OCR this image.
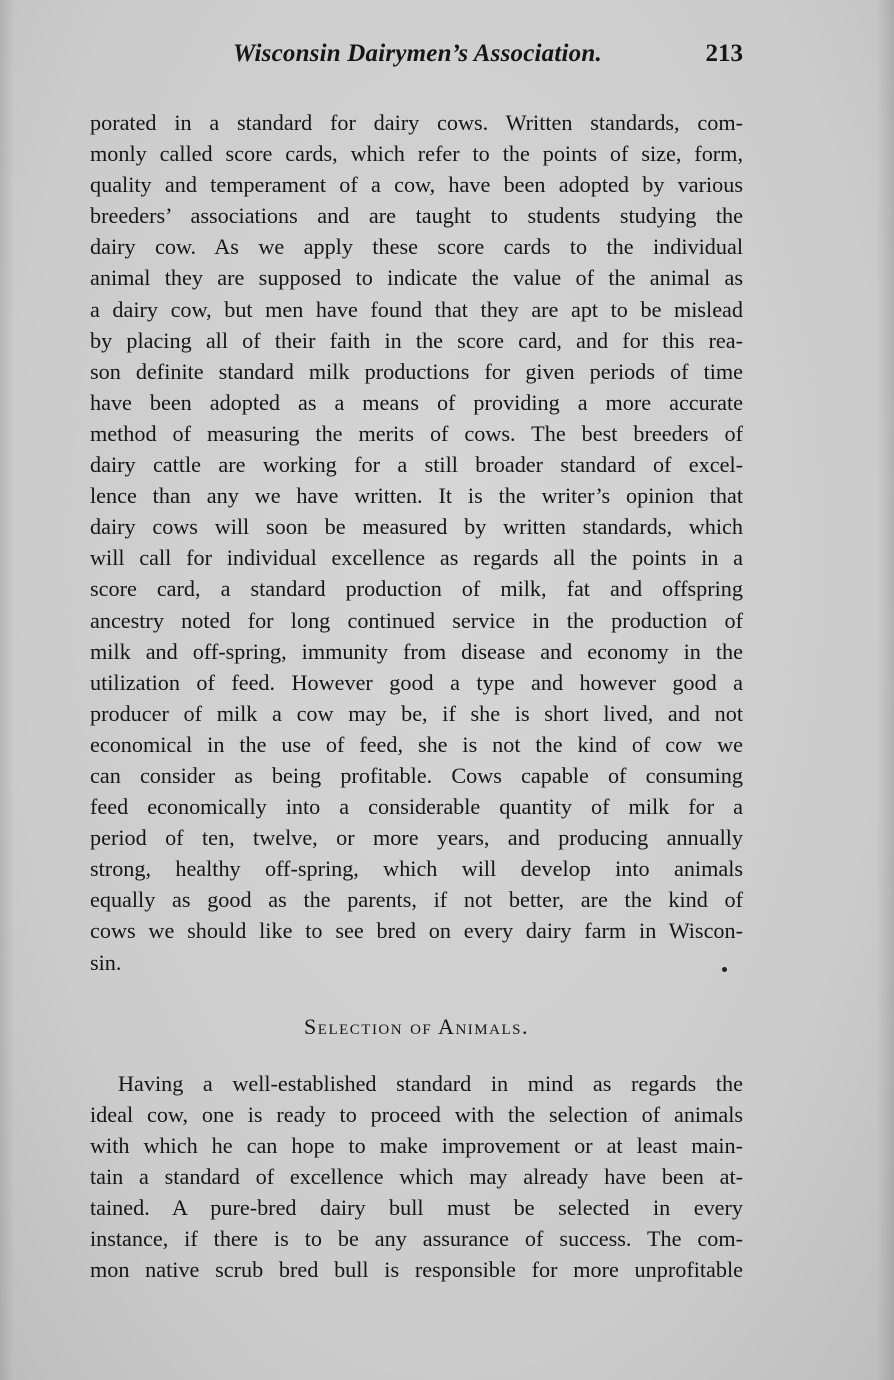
Wisconsin Dairymen’s Association.	213
porated in a standard for dairy cows. Written standards, com-
monly called score cards, which refer to the points of size, form,
quality and temperament of a cow, have been adopted by various
breeders’ associations and are taught to students studying the
dairy cow. As we apply these score cards to the individual
animal they are supposed to indicate the value of the animal as
a dairy cow, but men have found that they are apt to be mislead
by placing all of their faith in the score card, and for this rea-
son definite standard milk productions for given periods of time
have been adopted as a means of providing a more accurate
method of measuring the merits of cows. The best breeders of
dairy cattle are working for a still broader standard of excel-
lence than any we have written. It is the writer’s opinion that
dairy cows will soon be measured by written standards, which
will call for individual excellence as regards all the points in a
score card, a standard production of milk, fat and offspring
ancestry noted for long continued service in the production of
milk and off-spring, immunity from disease and economy in the
utilization of feed. However good a type and however good a
producer of milk a cow may be, if she is short lived, and not
economical in the use of feed, she is not the kind of cow we
can consider as being profitable. Cows capable of consuming
feed economically into a considerable quantity of milk for a
period of ten, twelve, or more years, and producing annually
strong, healthy off-spring, which will develop into animals
equally as good as the parents, if not better, are the kind of
cows we should like to see bred on every dairy farm in Wiscon-
sin.
Selection of Animals.
Having a well-established standard in mind as regards the
ideal cow, one is ready to proceed with the selection of animals
with which he can hope to make improvement or at least main-
tain a standard of excellence which may already have been at-
tained. A pure-bred dairy bull must be selected in every
instance, if there is to be any assurance of success. The com-
mon native scrub bred bull is responsible for more unprofitable
